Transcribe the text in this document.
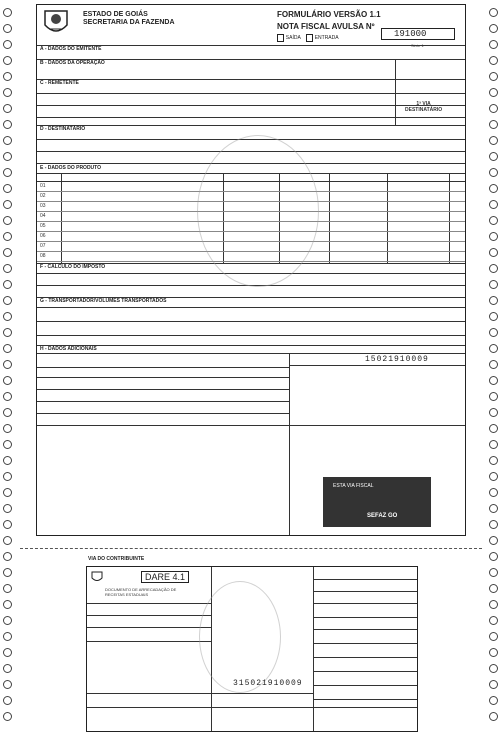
ESTADO DE GOIÁS
SECRETARIA DA FAZENDA
FORMULÁRIO VERSÃO 1.1
NOTA FISCAL AVULSA Nº
SAÍDA	ENTRADA	191000
Série 1
A - DADOS DO EMITENTE
B - DADOS DA OPERAÇÃO
C - REMETENTE
1ª VIA
DESTINATÁRIO
D - DESTINATÁRIO
E - DADOS DO PRODUTO
01
02
03
04
05
06
07
08
F - CÁLCULO DO IMPOSTO
G - TRANSPORTADOR/VOLUMES TRANSPORTADOS
H - DADOS ADICIONAIS
15021910009
ESTA VIA FISCAL
SEFAZ GO
VIA DO CONTRIBUINTE
DARE 4.1
DOCUMENTO DE ARRECADAÇÃO DE RECEITAS ESTADUAIS
315021910009
